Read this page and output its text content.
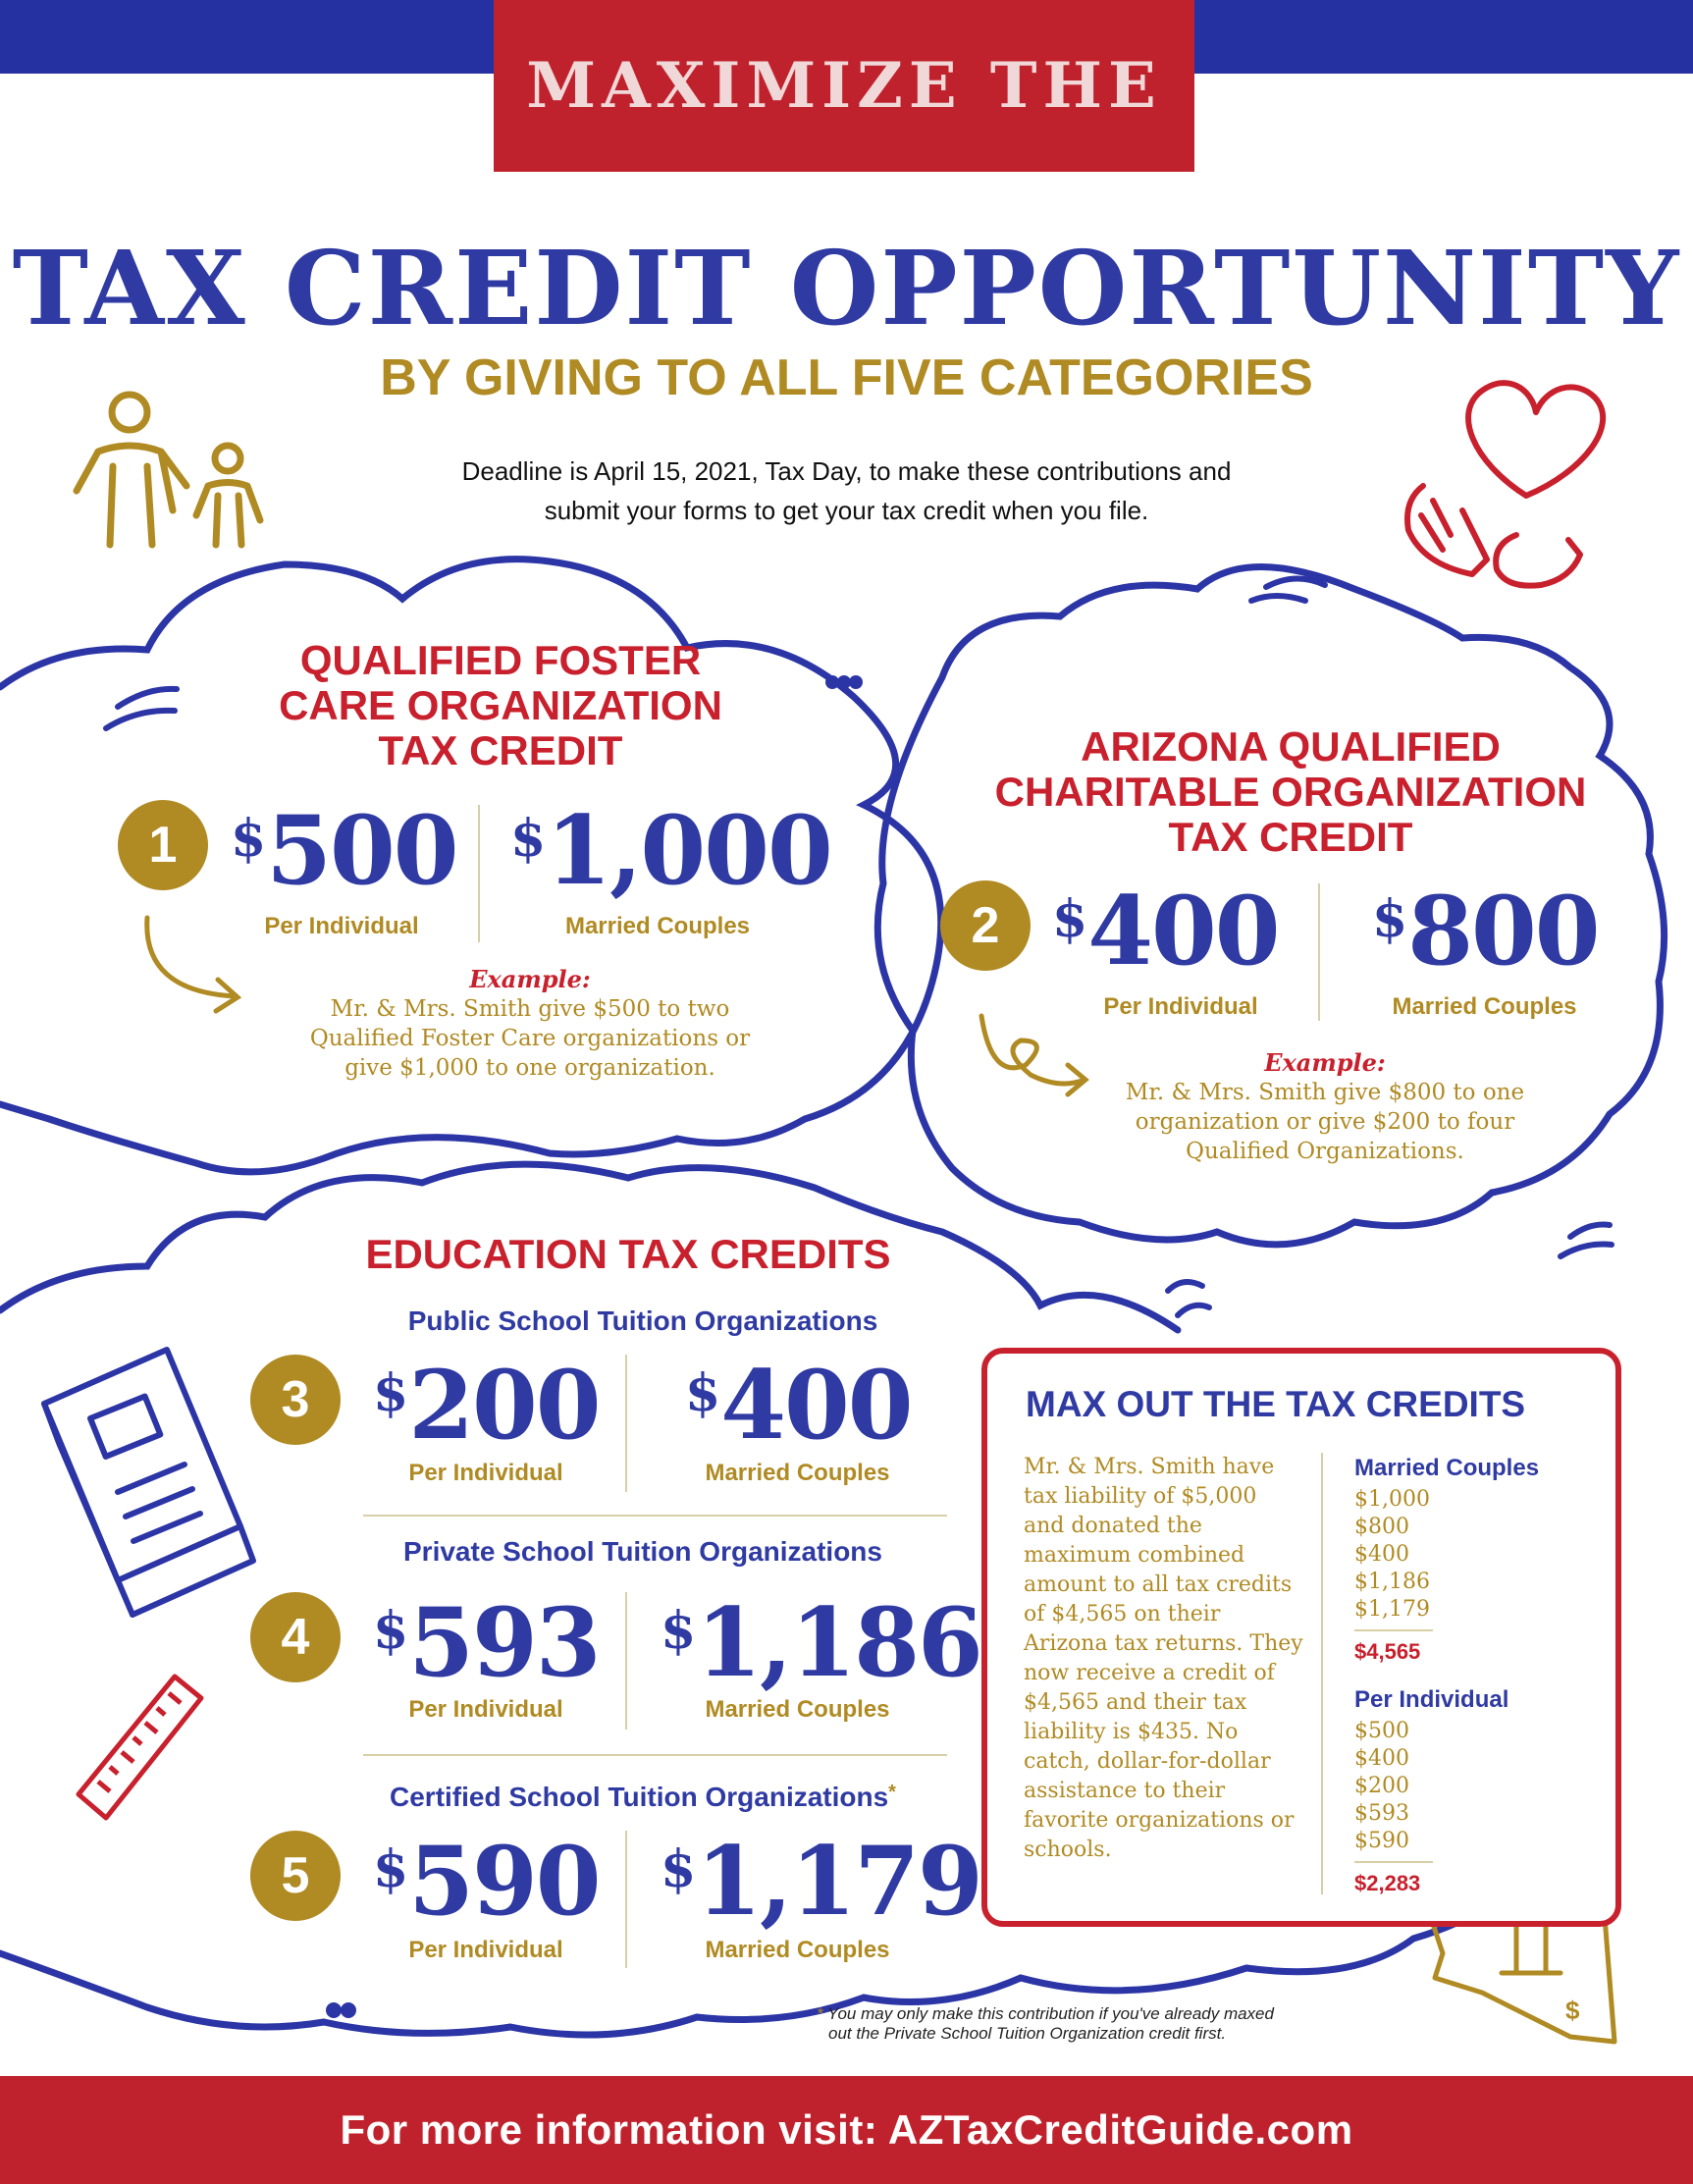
MAXIMIZE THE
TAX CREDIT OPPORTUNITY
BY GIVING TO ALL FIVE CATEGORIES
Deadline is April 15, 2021, Tax Day, to make these contributions and
submit your forms to get your tax credit when you file.
$
QUALIFIED FOSTER
CARE ORGANIZATION
TAX CREDIT
1	$500
Per Individual
$1,000
Married Couples
Example:
Mr. & Mrs. Smith give $500 to two
Qualified Foster Care organizations or
give $1,000 to one organization.
ARIZONA QUALIFIED
CHARITABLE ORGANIZATION
TAX CREDIT
2	$400
Per Individual
$800
Married Couples
Example:
Mr. & Mrs. Smith give $800 to one
organization or give $200 to four
Qualified Organizations.
EDUCATION TAX CREDITS
Public School Tuition Organizations
3	$200
Per Individual
$400
Married Couples
Private School Tuition Organizations
4	$593
Per Individual
$1,186
Married Couples
Certified School Tuition Organizations*
5	$590
Per Individual
$1,179
Married Couples
MAX OUT THE TAX CREDITS
Mr. & Mrs. Smith have tax liability of $5,000 and donated the maximum combined amount to all tax credits of $4,565 on their Arizona tax returns. They now receive a credit of $4,565 and their tax liability is $435. No catch, dollar-for-dollar assistance to their favorite organizations or schools.
Married Couples
$1,000
$800
$400
$1,186
$1,179
$4,565
Per Individual
$500
$400
$200
$593
$590
$2,283
* You may only make this contribution if you've already maxed
out the Private School Tuition Organization credit first.
For more information visit: AZTaxCreditGuide.com
